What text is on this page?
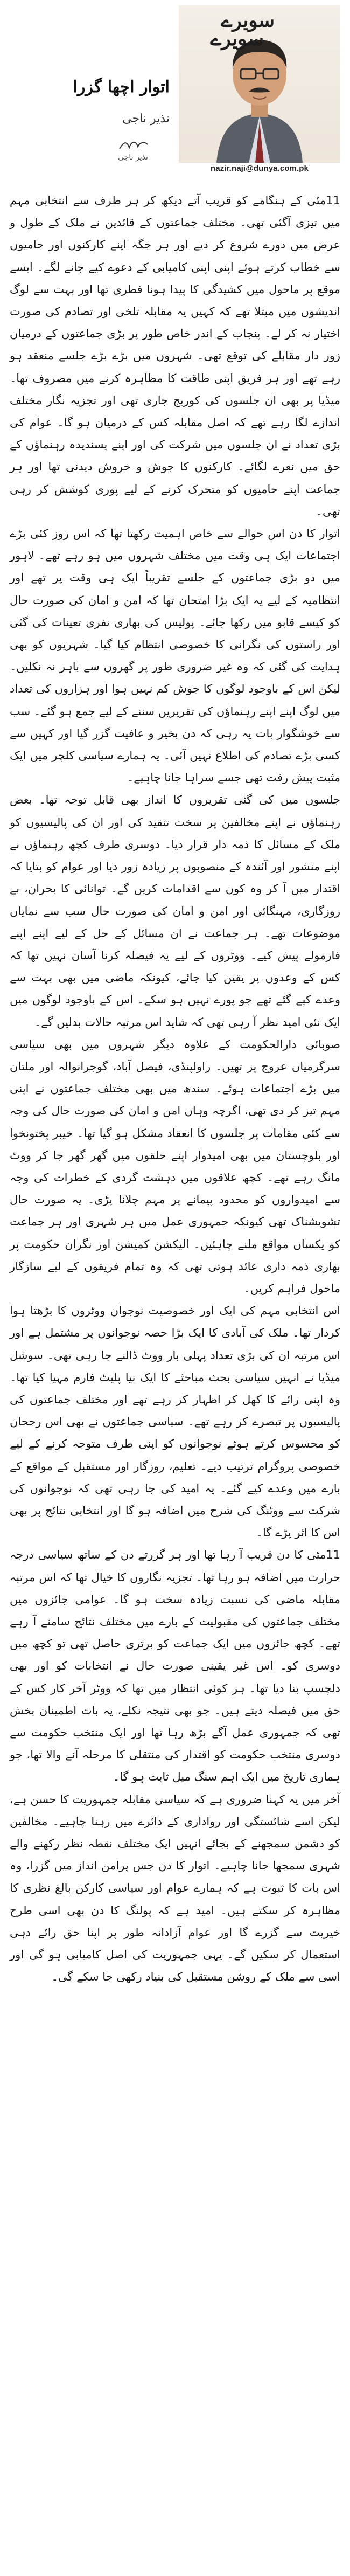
سویرے
سویرے
nazir.naji@dunya.com.pk
اتوار اچھا گزرا
نذیر ناجی
نذیر ناجی

11مئی کے ہنگامے کو قریب آتے دیکھ کر ہر طرف سے انتخابی مہم میں تیزی آگئی تھی۔ مختلف جماعتوں کے قائدین نے ملک کے طول و عرض میں دورے شروع کر دیے اور ہر جگہ اپنے کارکنوں اور حامیوں سے خطاب کرتے ہوئے اپنی اپنی کامیابی کے دعوے کیے جانے لگے۔ ایسے موقع پر ماحول میں کشیدگی کا پیدا ہونا فطری تھا اور بہت سے لوگ اندیشوں میں مبتلا تھے کہ کہیں یہ مقابلہ تلخی اور تصادم کی صورت اختیار نہ کر لے۔ پنجاب کے اندر خاص طور پر بڑی جماعتوں کے درمیان زور دار مقابلے کی توقع تھی۔ شہروں میں بڑے بڑے جلسے منعقد ہو رہے تھے اور ہر فریق اپنی طاقت کا مظاہرہ کرنے میں مصروف تھا۔ میڈیا پر بھی ان جلسوں کی کوریج جاری تھی اور تجزیہ نگار مختلف اندازے لگا رہے تھے کہ اصل مقابلہ کس کے درمیان ہو گا۔ عوام کی بڑی تعداد نے ان جلسوں میں شرکت کی اور اپنے پسندیدہ رہنماؤں کے حق میں نعرے لگائے۔ کارکنوں کا جوش و خروش دیدنی تھا اور ہر جماعت اپنے حامیوں کو متحرک کرنے کے لیے پوری کوشش کر رہی تھی۔

اتوار کا دن اس حوالے سے خاص اہمیت رکھتا تھا کہ اس روز کئی بڑے اجتماعات ایک ہی وقت میں مختلف شہروں میں ہو رہے تھے۔ لاہور میں دو بڑی جماعتوں کے جلسے تقریباً ایک ہی وقت پر تھے اور انتظامیہ کے لیے یہ ایک بڑا امتحان تھا کہ امن و امان کی صورت حال کو کیسے قابو میں رکھا جائے۔ پولیس کی بھاری نفری تعینات کی گئی اور راستوں کی نگرانی کا خصوصی انتظام کیا گیا۔ شہریوں کو بھی ہدایت کی گئی کہ وہ غیر ضروری طور پر گھروں سے باہر نہ نکلیں۔ لیکن اس کے باوجود لوگوں کا جوش کم نہیں ہوا اور ہزاروں کی تعداد میں لوگ اپنے اپنے رہنماؤں کی تقریریں سننے کے لیے جمع ہو گئے۔ سب سے خوشگوار بات یہ رہی کہ دن بخیر و عافیت گزر گیا اور کہیں سے کسی بڑے تصادم کی اطلاع نہیں آئی۔ یہ ہمارے سیاسی کلچر میں ایک مثبت پیش رفت تھی جسے سراہا جانا چاہیے۔

جلسوں میں کی گئی تقریروں کا انداز بھی قابل توجہ تھا۔ بعض رہنماؤں نے اپنے مخالفین پر سخت تنقید کی اور ان کی پالیسیوں کو ملک کے مسائل کا ذمہ دار قرار دیا۔ دوسری طرف کچھ رہنماؤں نے اپنے منشور اور آئندہ کے منصوبوں پر زیادہ زور دیا اور عوام کو بتایا کہ اقتدار میں آ کر وہ کون سے اقدامات کریں گے۔ توانائی کا بحران، بے روزگاری، مہنگائی اور امن و امان کی صورت حال سب سے نمایاں موضوعات تھے۔ ہر جماعت نے ان مسائل کے حل کے لیے اپنے اپنے فارمولے پیش کیے۔ ووٹروں کے لیے یہ فیصلہ کرنا آسان نہیں تھا کہ کس کے وعدوں پر یقین کیا جائے، کیونکہ ماضی میں بھی بہت سے وعدے کیے گئے تھے جو پورے نہیں ہو سکے۔ اس کے باوجود لوگوں میں ایک نئی امید نظر آ رہی تھی کہ شاید اس مرتبہ حالات بدلیں گے۔

صوبائی دارالحکومت کے علاوہ دیگر شہروں میں بھی سیاسی سرگرمیاں عروج پر تھیں۔ راولپنڈی، فیصل آباد، گوجرانوالہ اور ملتان میں بڑے اجتماعات ہوئے۔ سندھ میں بھی مختلف جماعتوں نے اپنی مہم تیز کر دی تھی، اگرچہ وہاں امن و امان کی صورت حال کی وجہ سے کئی مقامات پر جلسوں کا انعقاد مشکل ہو گیا تھا۔ خیبر پختونخوا اور بلوچستان میں بھی امیدوار اپنے حلقوں میں گھر گھر جا کر ووٹ مانگ رہے تھے۔ کچھ علاقوں میں دہشت گردی کے خطرات کی وجہ سے امیدواروں کو محدود پیمانے پر مہم چلانا پڑی۔ یہ صورت حال تشویشناک تھی کیونکہ جمہوری عمل میں ہر شہری اور ہر جماعت کو یکساں مواقع ملنے چاہئیں۔ الیکشن کمیشن اور نگران حکومت پر بھاری ذمہ داری عائد ہوتی تھی کہ وہ تمام فریقوں کے لیے سازگار ماحول فراہم کریں۔

اس انتخابی مہم کی ایک اور خصوصیت نوجوان ووٹروں کا بڑھتا ہوا کردار تھا۔ ملک کی آبادی کا ایک بڑا حصہ نوجوانوں پر مشتمل ہے اور اس مرتبہ ان کی بڑی تعداد پہلی بار ووٹ ڈالنے جا رہی تھی۔ سوشل میڈیا نے انہیں سیاسی بحث مباحثے کا ایک نیا پلیٹ فارم مہیا کیا تھا۔ وہ اپنی رائے کا کھل کر اظہار کر رہے تھے اور مختلف جماعتوں کی پالیسیوں پر تبصرے کر رہے تھے۔ سیاسی جماعتوں نے بھی اس رجحان کو محسوس کرتے ہوئے نوجوانوں کو اپنی طرف متوجہ کرنے کے لیے خصوصی پروگرام ترتیب دیے۔ تعلیم، روزگار اور مستقبل کے مواقع کے بارے میں وعدے کیے گئے۔ یہ امید کی جا رہی تھی کہ نوجوانوں کی شرکت سے ووٹنگ کی شرح میں اضافہ ہو گا اور انتخابی نتائج پر بھی اس کا اثر پڑے گا۔

11مئی کا دن قریب آ رہا تھا اور ہر گزرتے دن کے ساتھ سیاسی درجہ حرارت میں اضافہ ہو رہا تھا۔ تجزیہ نگاروں کا خیال تھا کہ اس مرتبہ مقابلہ ماضی کی نسبت زیادہ سخت ہو گا۔ عوامی جائزوں میں مختلف جماعتوں کی مقبولیت کے بارے میں مختلف نتائج سامنے آ رہے تھے۔ کچھ جائزوں میں ایک جماعت کو برتری حاصل تھی تو کچھ میں دوسری کو۔ اس غیر یقینی صورت حال نے انتخابات کو اور بھی دلچسپ بنا دیا تھا۔ ہر کوئی انتظار میں تھا کہ ووٹر آخر کار کس کے حق میں فیصلہ دیتے ہیں۔ جو بھی نتیجہ نکلے، یہ بات اطمینان بخش تھی کہ جمہوری عمل آگے بڑھ رہا تھا اور ایک منتخب حکومت سے دوسری منتخب حکومت کو اقتدار کی منتقلی کا مرحلہ آنے والا تھا، جو ہماری تاریخ میں ایک اہم سنگ میل ثابت ہو گا۔

آخر میں یہ کہنا ضروری ہے کہ سیاسی مقابلہ جمہوریت کا حسن ہے، لیکن اسے شائستگی اور رواداری کے دائرے میں رہنا چاہیے۔ مخالفین کو دشمن سمجھنے کے بجائے انہیں ایک مختلف نقطہ نظر رکھنے والے شہری سمجھا جانا چاہیے۔ اتوار کا دن جس پرامن انداز میں گزرا، وہ اس بات کا ثبوت ہے کہ ہمارے عوام اور سیاسی کارکن بالغ نظری کا مظاہرہ کر سکتے ہیں۔ امید ہے کہ پولنگ کا دن بھی اسی طرح خیریت سے گزرے گا اور عوام آزادانہ طور پر اپنا حق رائے دہی استعمال کر سکیں گے۔ یہی جمہوریت کی اصل کامیابی ہو گی اور اسی سے ملک کے روشن مستقبل کی بنیاد رکھی جا سکے گی۔
